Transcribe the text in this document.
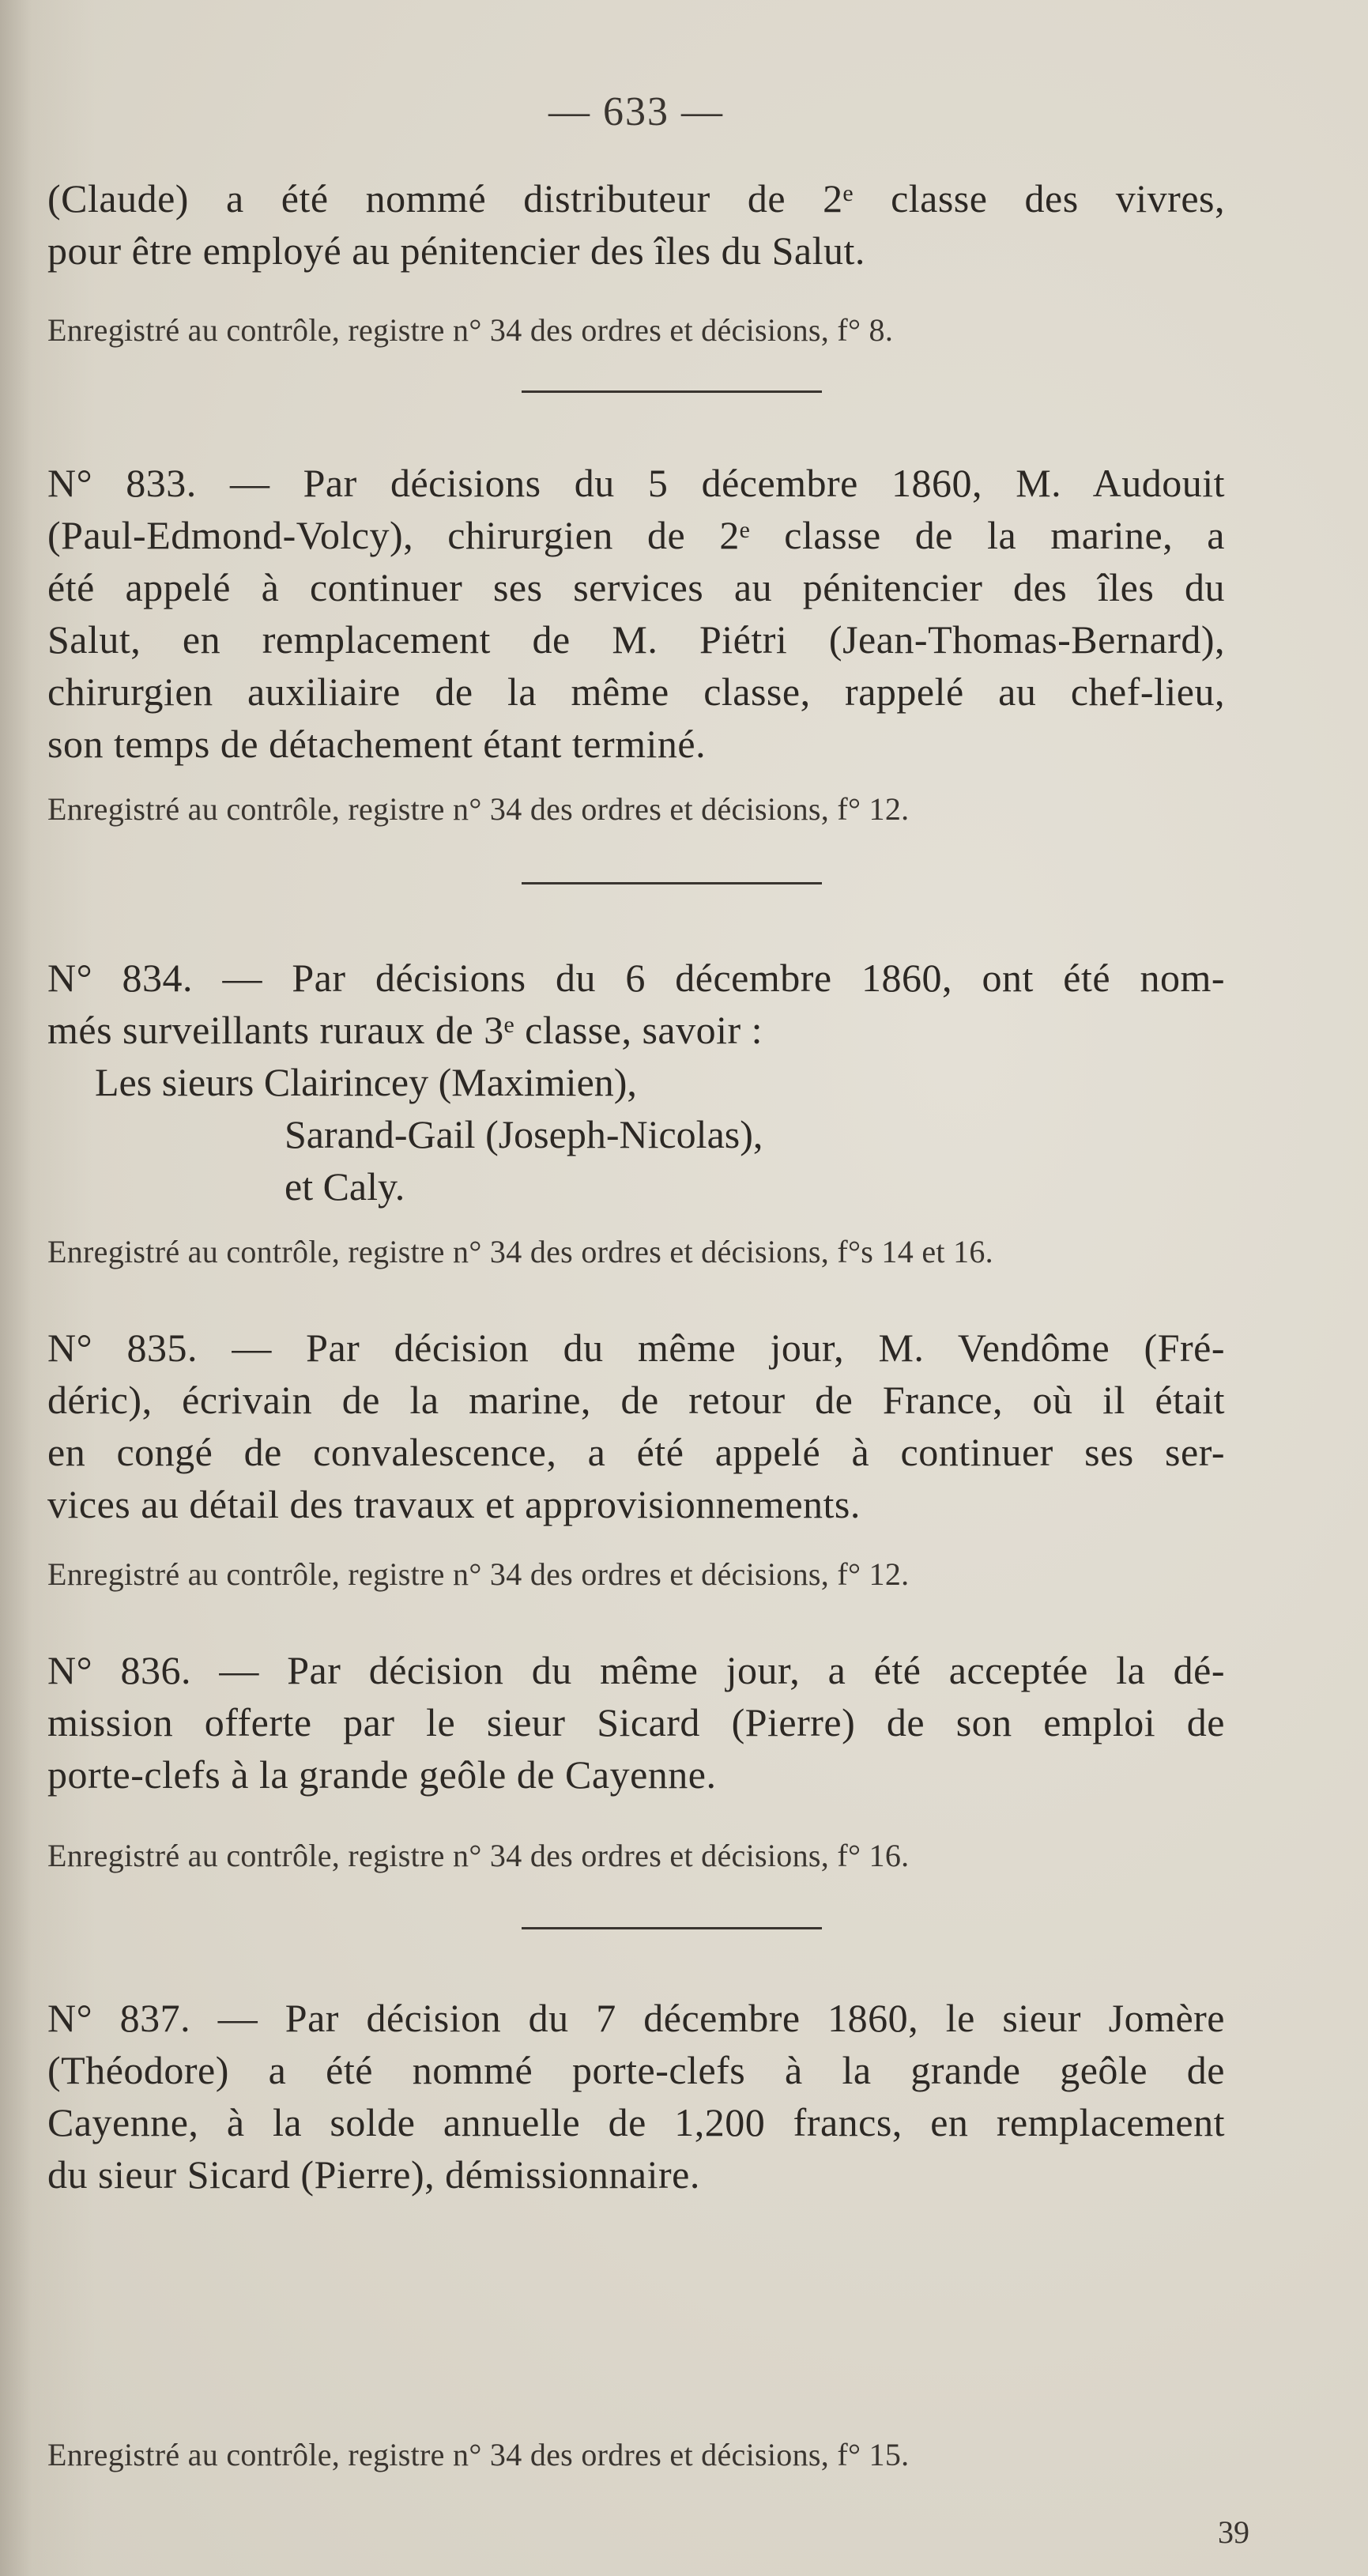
— 633 —
(Claude) a été nommé distributeur de 2ᵉ classe des vivres,
pour être employé au pénitencier des îles du Salut.
Enregistré au contrôle, registre n° 34 des ordres et décisions, f° 8.
N° 833. — Par décisions du 5 décembre 1860, M. Audouit
(Paul-Edmond-Volcy), chirurgien de 2ᵉ classe de la marine, a
été appelé à continuer ses services au pénitencier des îles du
Salut, en remplacement de M. Piétri (Jean-Thomas-Bernard),
chirurgien auxiliaire de la même classe, rappelé au chef-lieu,
son temps de détachement étant terminé.
Enregistré au contrôle, registre n° 34 des ordres et décisions, f° 12.
N° 834. — Par décisions du 6 décembre 1860, ont été nom-
més surveillants ruraux de 3ᵉ classe, savoir :
Les sieurs Clairincey (Maximien),
Sarand-Gail (Joseph-Nicolas),
et Caly.
Enregistré au contrôle, registre n° 34 des ordres et décisions, f°s 14 et 16.
N° 835. — Par décision du même jour, M. Vendôme (Fré-
déric), écrivain de la marine, de retour de France, où il était
en congé de convalescence, a été appelé à continuer ses ser-
vices au détail des travaux et approvisionnements.
Enregistré au contrôle, registre n° 34 des ordres et décisions, f° 12.
N° 836. — Par décision du même jour, a été acceptée la dé-
mission offerte par le sieur Sicard (Pierre) de son emploi de
porte-clefs à la grande geôle de Cayenne.
Enregistré au contrôle, registre n° 34 des ordres et décisions, f° 16.
N° 837. — Par décision du 7 décembre 1860, le sieur Jomère
(Théodore) a été nommé porte-clefs à la grande geôle de
Cayenne, à la solde annuelle de 1,200 francs, en remplacement
du sieur Sicard (Pierre), démissionnaire.
Enregistré au contrôle, registre n° 34 des ordres et décisions, f° 15.
39
